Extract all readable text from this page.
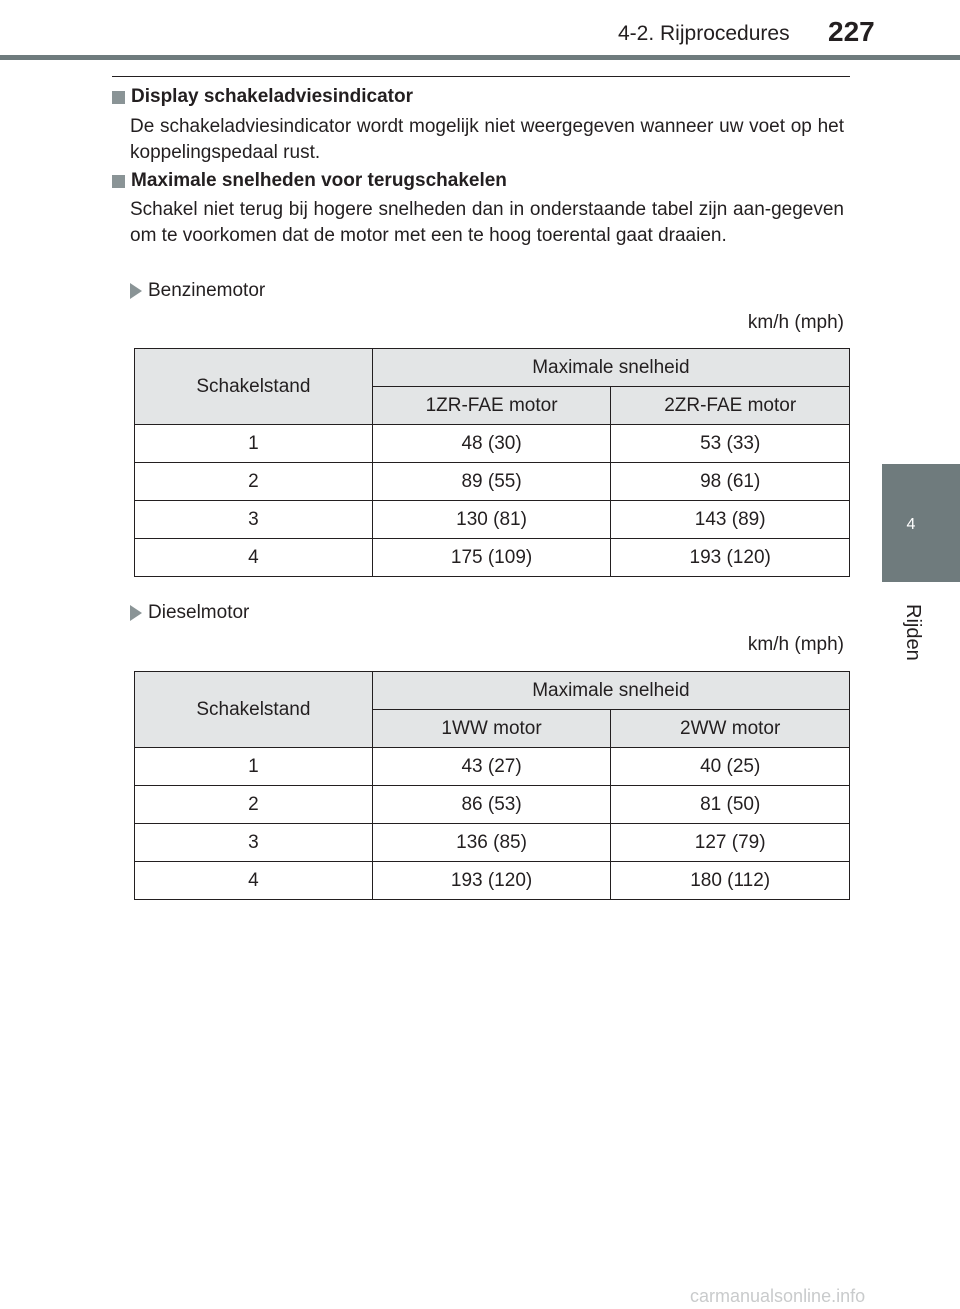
4-2. Rijprocedures 227
4
Rijden
Display schakeladviesindicator
De schakeladviesindicator wordt mogelijk niet weergegeven wanneer uw voet op het koppelingspedaal rust.
Maximale snelheden voor terugschakelen
Schakel niet terug bij hogere snelheden dan in onderstaande tabel zijn aan-gegeven om te voorkomen dat de motor met een te hoog toerental gaat draaien.
Benzinemotor
km/h (mph)
Schakelstand	Maximale snelheid	
	1ZR-FAE motor	2ZR-FAE motor
1	48 (30)	53 (33)
2	89 (55)	98 (61)
3	130 (81)	143 (89)
4	175 (109)	193 (120)
Dieselmotor
km/h (mph)
Schakelstand	Maximale snelheid	
	1WW motor	2WW motor
1	43 (27)	40 (25)
2	86 (53)	81 (50)
3	136 (85)	127 (79)
4	193 (120)	180 (112)
carmanualsonline.info
